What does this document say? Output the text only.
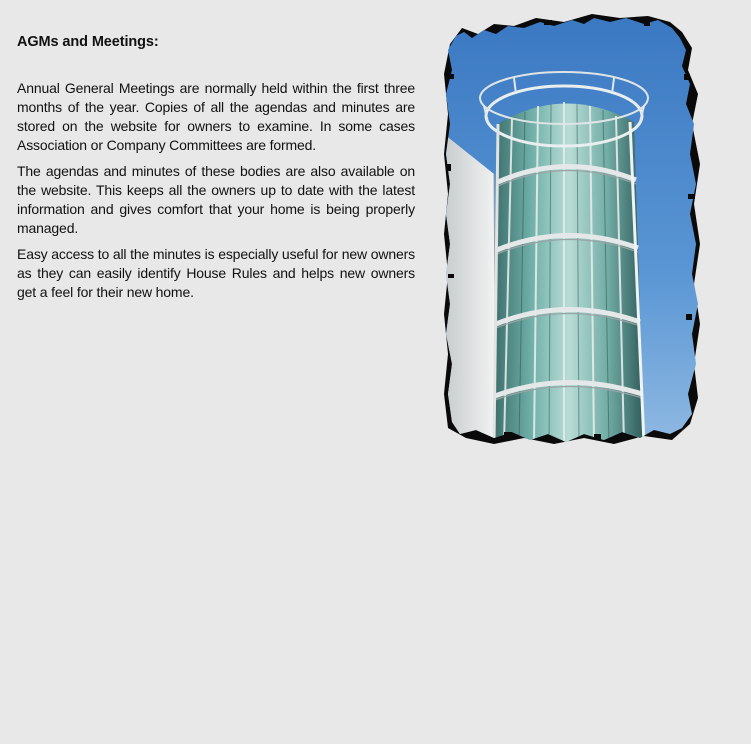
AGMs and Meetings:

Annual General Meetings are normally held within the first three months of the year. Copies of all the agendas and minutes are stored on the website for owners to examine. In some cases Association or Company Committees are formed.

The agendas and minutes of these bodies are also available on the website. This keeps all the owners up to date with the latest information and gives comfort that your home is being properly managed.

Easy access to all the minutes is especially useful for new owners as they can easily identify House Rules and helps new owners get a feel for their new home.
